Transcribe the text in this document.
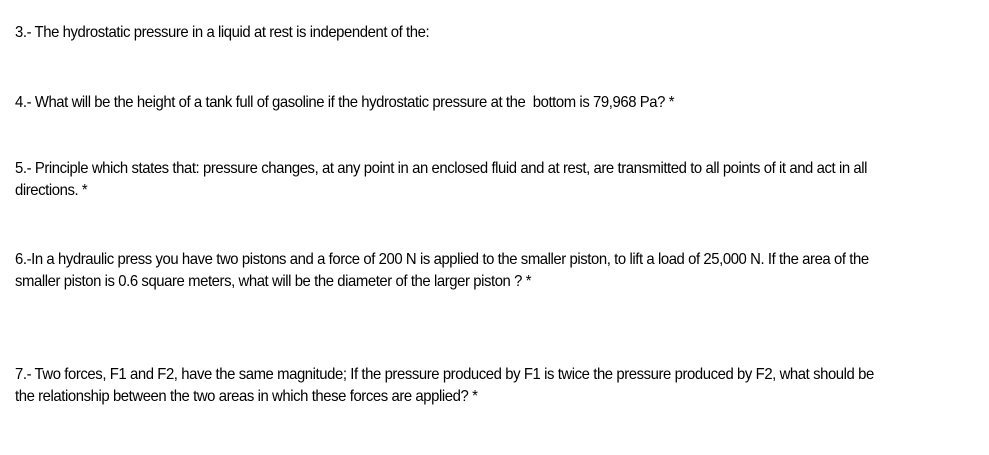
3.- The hydrostatic pressure in a liquid at rest is independent of the:

4.- What will be the height of a tank full of gasoline if the hydrostatic pressure at the  bottom is 79,968 Pa? *

5.- Principle which states that: pressure changes, at any point in an enclosed fluid and at rest, are transmitted to all points of it and act in all
directions. *

6.-In a hydraulic press you have two pistons and a force of 200 N is applied to the smaller piston, to lift a load of 25,000 N. If the area of the
smaller piston is 0.6 square meters, what will be the diameter of the larger piston ? *

7.- Two forces, F1 and F2, have the same magnitude; If the pressure produced by F1 is twice the pressure produced by F2, what should be
the relationship between the two areas in which these forces are applied? *
